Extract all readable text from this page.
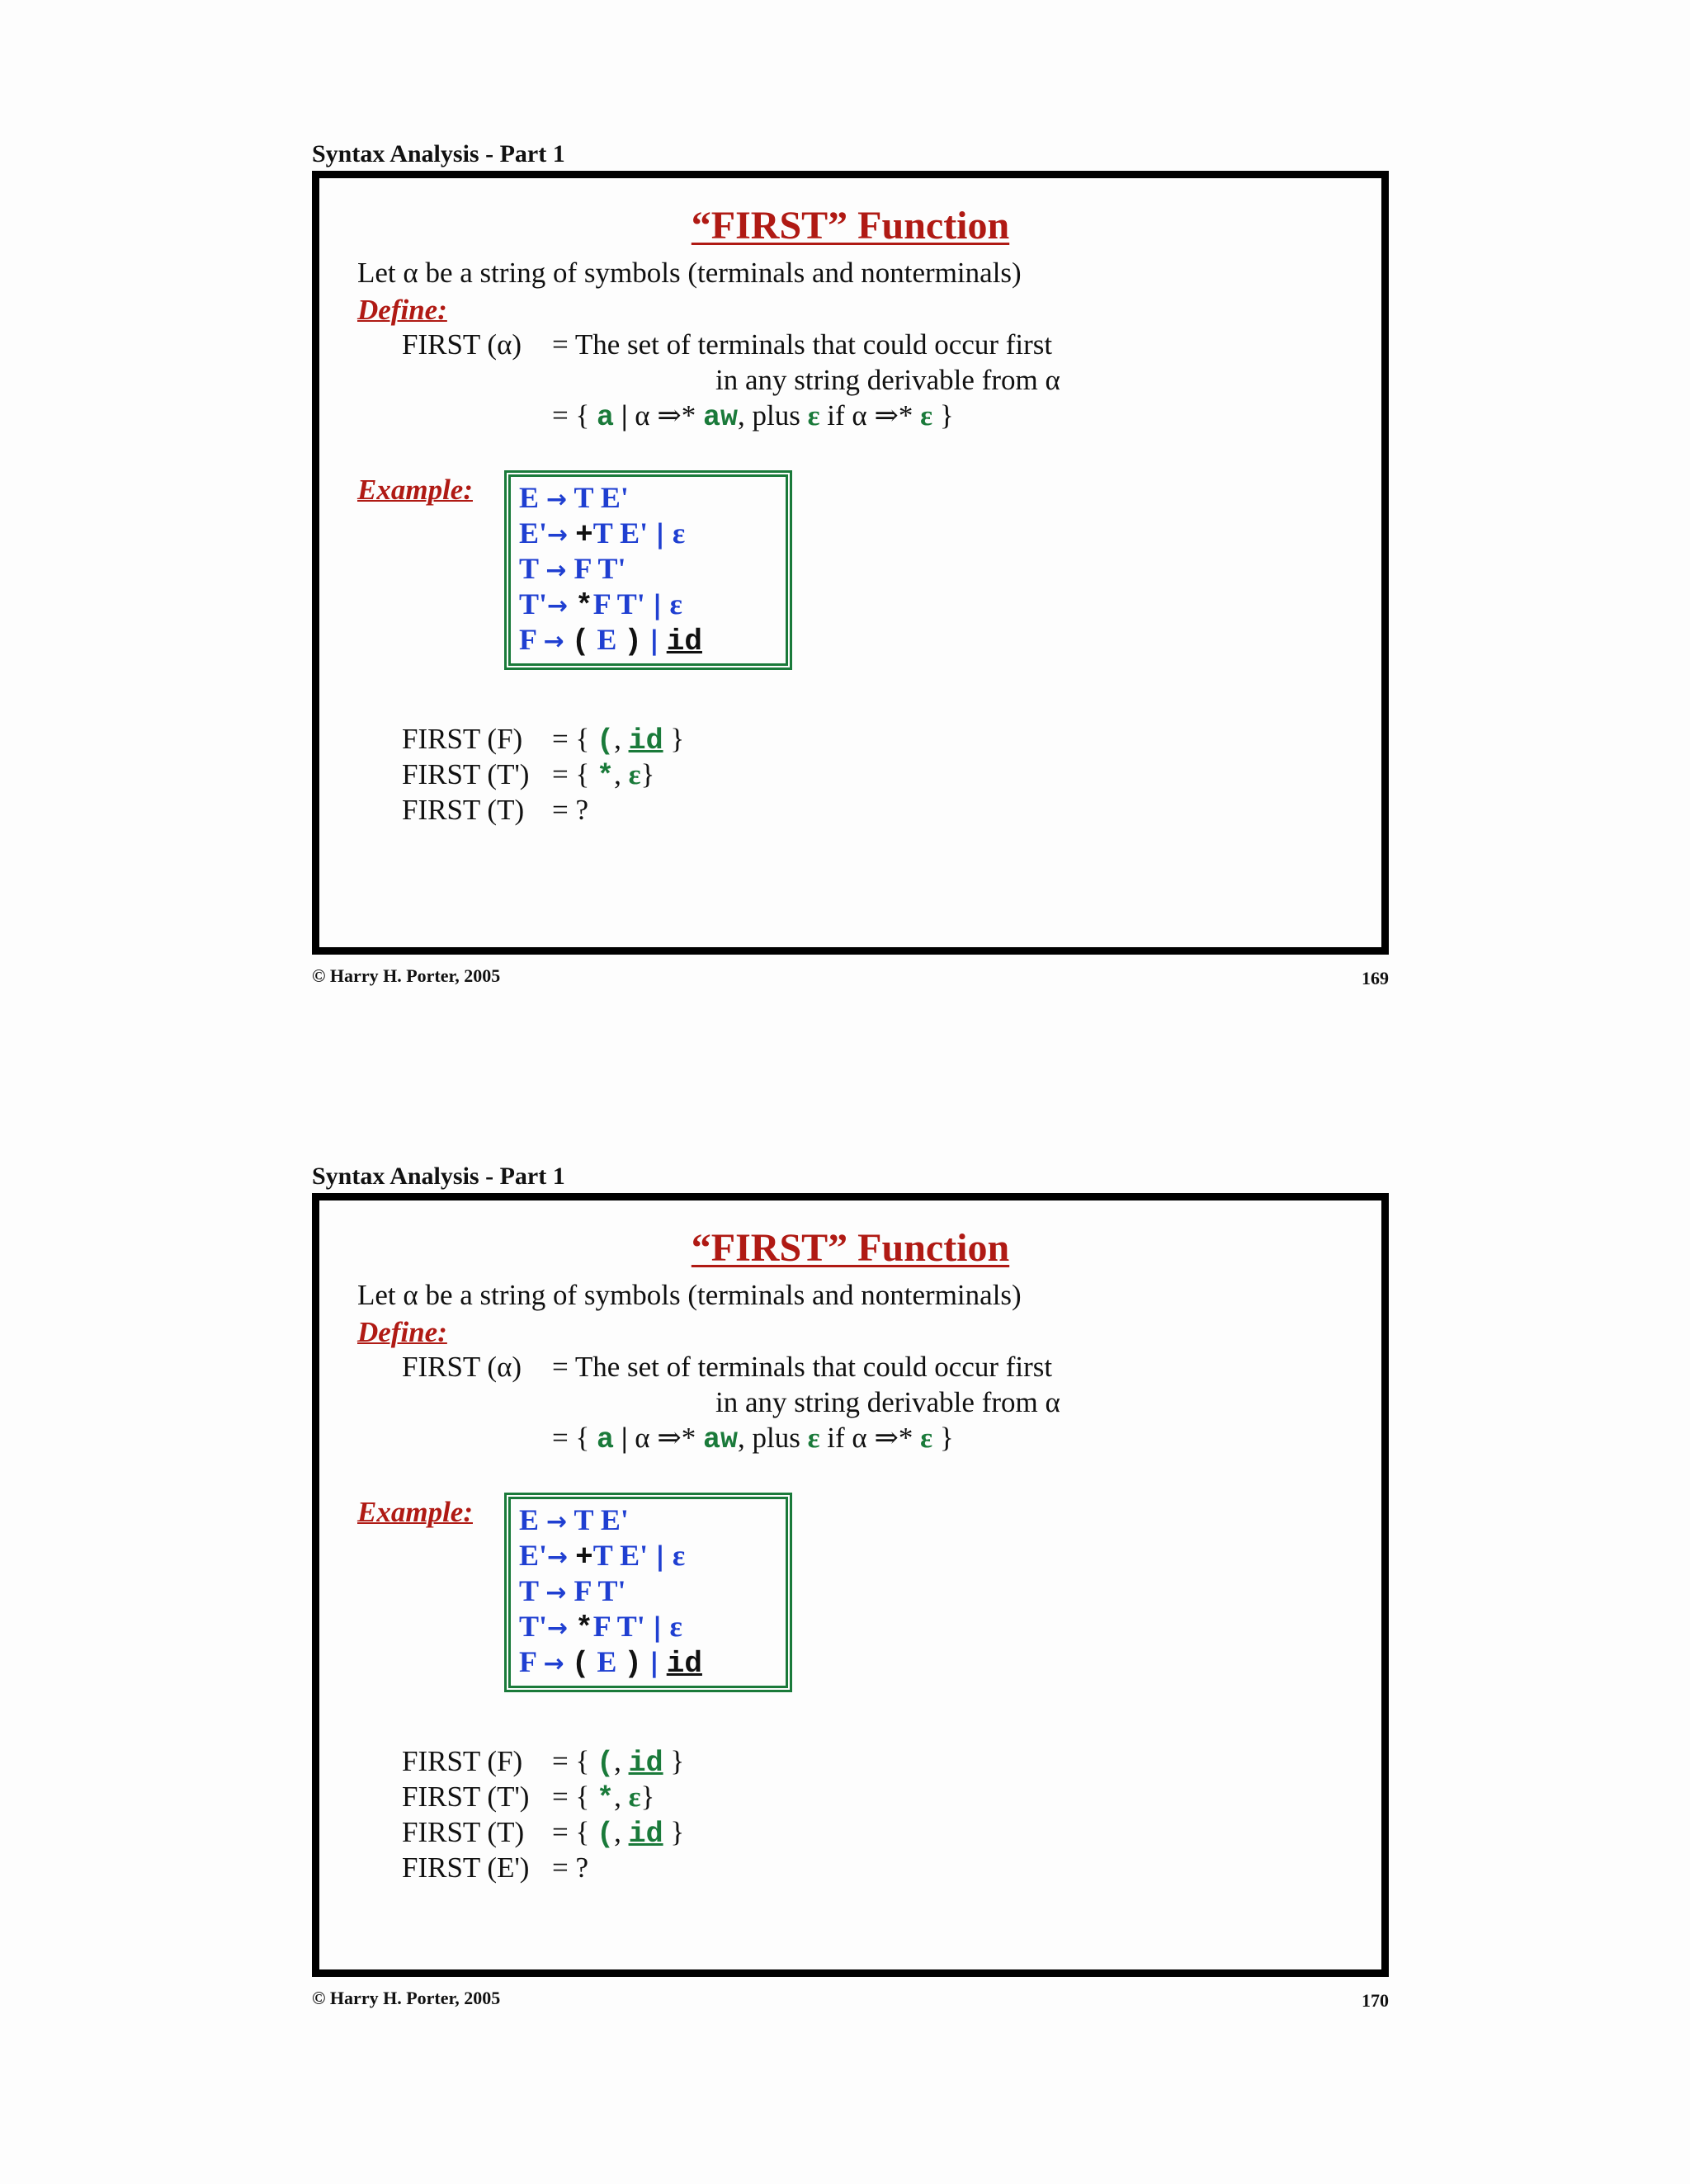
Syntax Analysis - Part 1
“FIRST” Function
Let α be a string of symbols (terminals and nonterminals)
Define:
FIRST (α) = The set of terminals that could occur first
in any string derivable from α
= { a | α ⇒* aw, plus ε if α ⇒* ε }
Example: E → T E'
E'→ +T E' | ε
T → F T'
T'→ *F T' | ε
F → ( E ) | id
FIRST (F) = { (, id }
FIRST (T') = { *, ε}
FIRST (T) = ?
© Harry H. Porter, 2005	169
Syntax Analysis - Part 1
“FIRST” Function
Let α be a string of symbols (terminals and nonterminals)
Define:
FIRST (α) = The set of terminals that could occur first
in any string derivable from α
= { a | α ⇒* aw, plus ε if α ⇒* ε }
Example: E → T E'
E'→ +T E' | ε
T → F T'
T'→ *F T' | ε
F → ( E ) | id
FIRST (F) = { (, id }
FIRST (T') = { *, ε}
FIRST (T) = { (, id }
FIRST (E') = ?
© Harry H. Porter, 2005	170
